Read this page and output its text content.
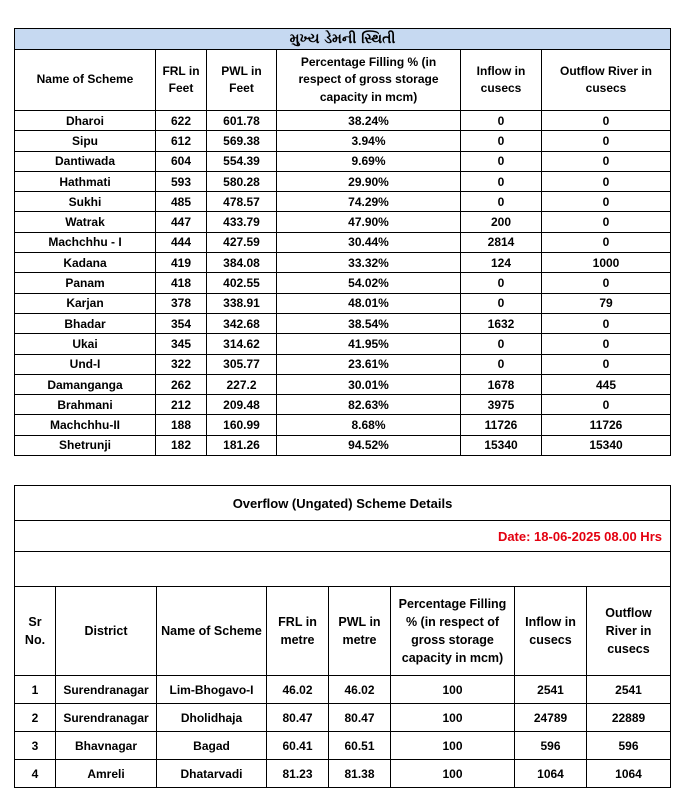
મુખ્ય ડેમની સ્થિતી					
Name of Scheme	FRL in Feet	PWL in Feet	Percentage Filling % (in respect of gross storage capacity in mcm)	Inflow in cusecs	Outflow River in cusecs
Dharoi	622	601.78	38.24%	0	0
Sipu	612	569.38	3.94%	0	0
Dantiwada	604	554.39	9.69%	0	0
Hathmati	593	580.28	29.90%	0	0
Sukhi	485	478.57	74.29%	0	0
Watrak	447	433.79	47.90%	200	0
Machchhu - I	444	427.59	30.44%	2814	0
Kadana	419	384.08	33.32%	124	1000
Panam	418	402.55	54.02%	0	0
Karjan	378	338.91	48.01%	0	79
Bhadar	354	342.68	38.54%	1632	0
Ukai	345	314.62	41.95%	0	0
Und-I	322	305.77	23.61%	0	0
Damanganga	262	227.2	30.01%	1678	445
Brahmani	212	209.48	82.63%	3975	0
Machchhu-II	188	160.99	8.68%	11726	11726
Shetrunji	182	181.26	94.52%	15340	15340
Overflow (Ungated) Scheme Details							
Date: 18-06-2025 08.00 Hrs							

Sr No.	District	Name of Scheme	FRL in metre	PWL in metre	Percentage Filling % (in respect of gross storage capacity in mcm)	Inflow in cusecs	Outflow River in cusecs
1	Surendranagar	Lim-Bhogavo-I	46.02	46.02	100	2541	2541
2	Surendranagar	Dholidhaja	80.47	80.47	100	24789	22889
3	Bhavnagar	Bagad	60.41	60.51	100	596	596
4	Amreli	Dhatarvadi	81.23	81.38	100	1064	1064
